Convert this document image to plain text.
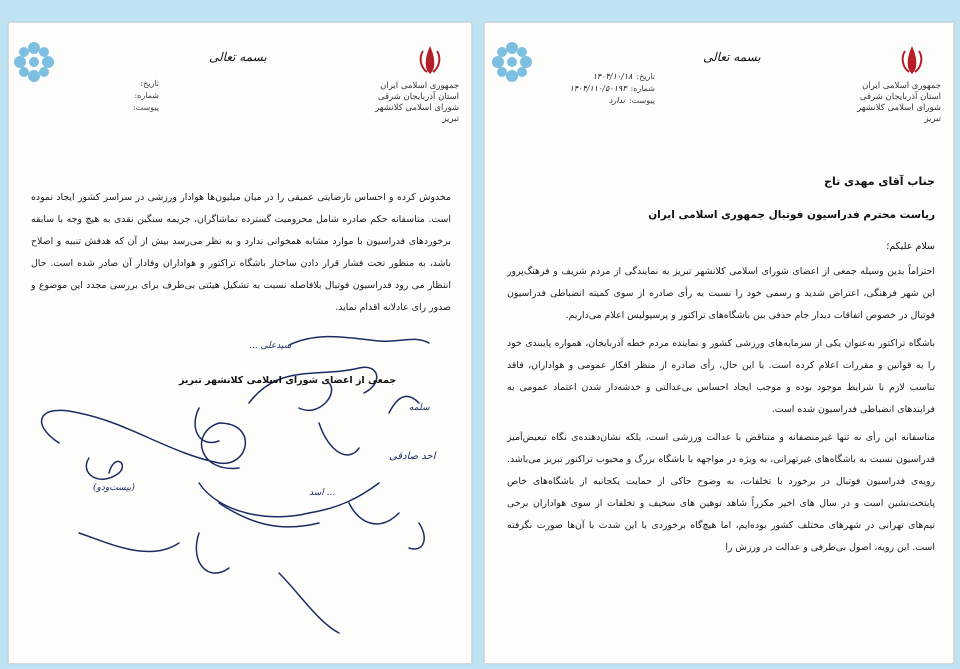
بسمه تعالی
جمهوری اسلامی ایران
استان آذربایجان شرقی
شورای اسلامی کلانشهر تبریز
تاریخ:
شماره:
پیوست:

مخدوش کرده و احساس نارضایتی عمیقی را در میان میلیون‌ها هوادار ورزشی در سراسر کشور ایجاد نموده است. متاسفانه حکم صادره شامل محرومیت گسترده تماشاگران، جریمه سنگین نقدی به هیچ وجه با سابقه برخوردهای فدراسیون با موارد مشابه همخوانی ندارد و به نظر می‌رسد بیش از آن که هدفش تنبیه و اصلاح باشد، به منظور تحت فشار قرار دادن ساختار باشگاه تراکتور و هواداران وفادار آن صادر شده است. حال انتظار می رود فدراسیون فوتبال بلافاصله نسبت به تشکیل هیئتی بی‌طرف برای بررسی مجدد این موضوع و صدور رای عادلانه اقدام نماید.

سیدعلی ...
جمعی از اعضای شورای اسلامی کلانشهر تبریز
احد صادقی
اسد ...
(بیست‌ودو)
سلمه
بسمه تعالی
جمهوری اسلامی ایران
استان آذربایجان شرقی
شورای اسلامی کلانشهر تبریز
تاریخ:۱۴۰۴/۱۰/۱۸
شماره:۱۴۰۴/۱۱۰/۵۰۱۹۳
پیوست:ندارد
جناب آقای مهدی تاج
ریاست محترم فدراسیون فوتبال جمهوری اسلامی ایران
سلام علیکم؛

احتراماً بدین وسیله جمعی از اعضای شورای اسلامی کلانشهر تبریز به نمایندگی از مردم شریف و فرهنگ‌پرور این شهر فرهنگی، اعتراض شدید و رسمی خود را نسبت به رأی صادره از سوی کمیته انضباطی فدراسیون فوتبال در خصوص اتفاقات دیدار جام حذفی بین باشگاه‌های تراکتور و پرسپولیس اعلام می‌داریم.

باشگاه تراکتور به‌عنوان یکی از سرمایه‌های ورزشی کشور و نماینده مردم خطه آذربایجان، همواره پایبندی خود را به قوانین و مقررات اعلام کرده است. با این حال، رأی صادره از منظر افکار عمومی و هواداران، فاقد تناسب لازم با شرایط موجود بوده و موجب ایجاد احساس بی‌عدالتی و خدشه‌دار شدن اعتماد عمومی به فرایندهای انضباطی فدراسیون شده است.

متاسفانه این رأی نه تنها غیرمنصفانه و متناقض با عدالت ورزشی است، بلکه نشان‌دهنده‌ی نگاه تبعیض‌آمیز فدراسیون نسبت به باشگاه‌های غیرتهرانی، به ویژه در مواجهه با باشگاه بزرگ و محبوب تراکتور تبریز می‌باشد. رویه‌ی فدراسیون فوتبال در برخورد با تخلفات، به وضوح حاکی از حمایت یکجانبه از باشگاه‌های خاص پایتخت‌نشین است و در سال های اخیر مکرراً شاهد توهین های سخیف و تخلفات از سوی هواداران برخی تیم‌های تهرانی در شهرهای مختلف کشور بوده‌ایم، اما هیچ‌گاه برخوردی با این شدت با آن‌ها صورت نگرفته است. این رویه، اصول بی‌طرفی و عدالت در ورزش را
